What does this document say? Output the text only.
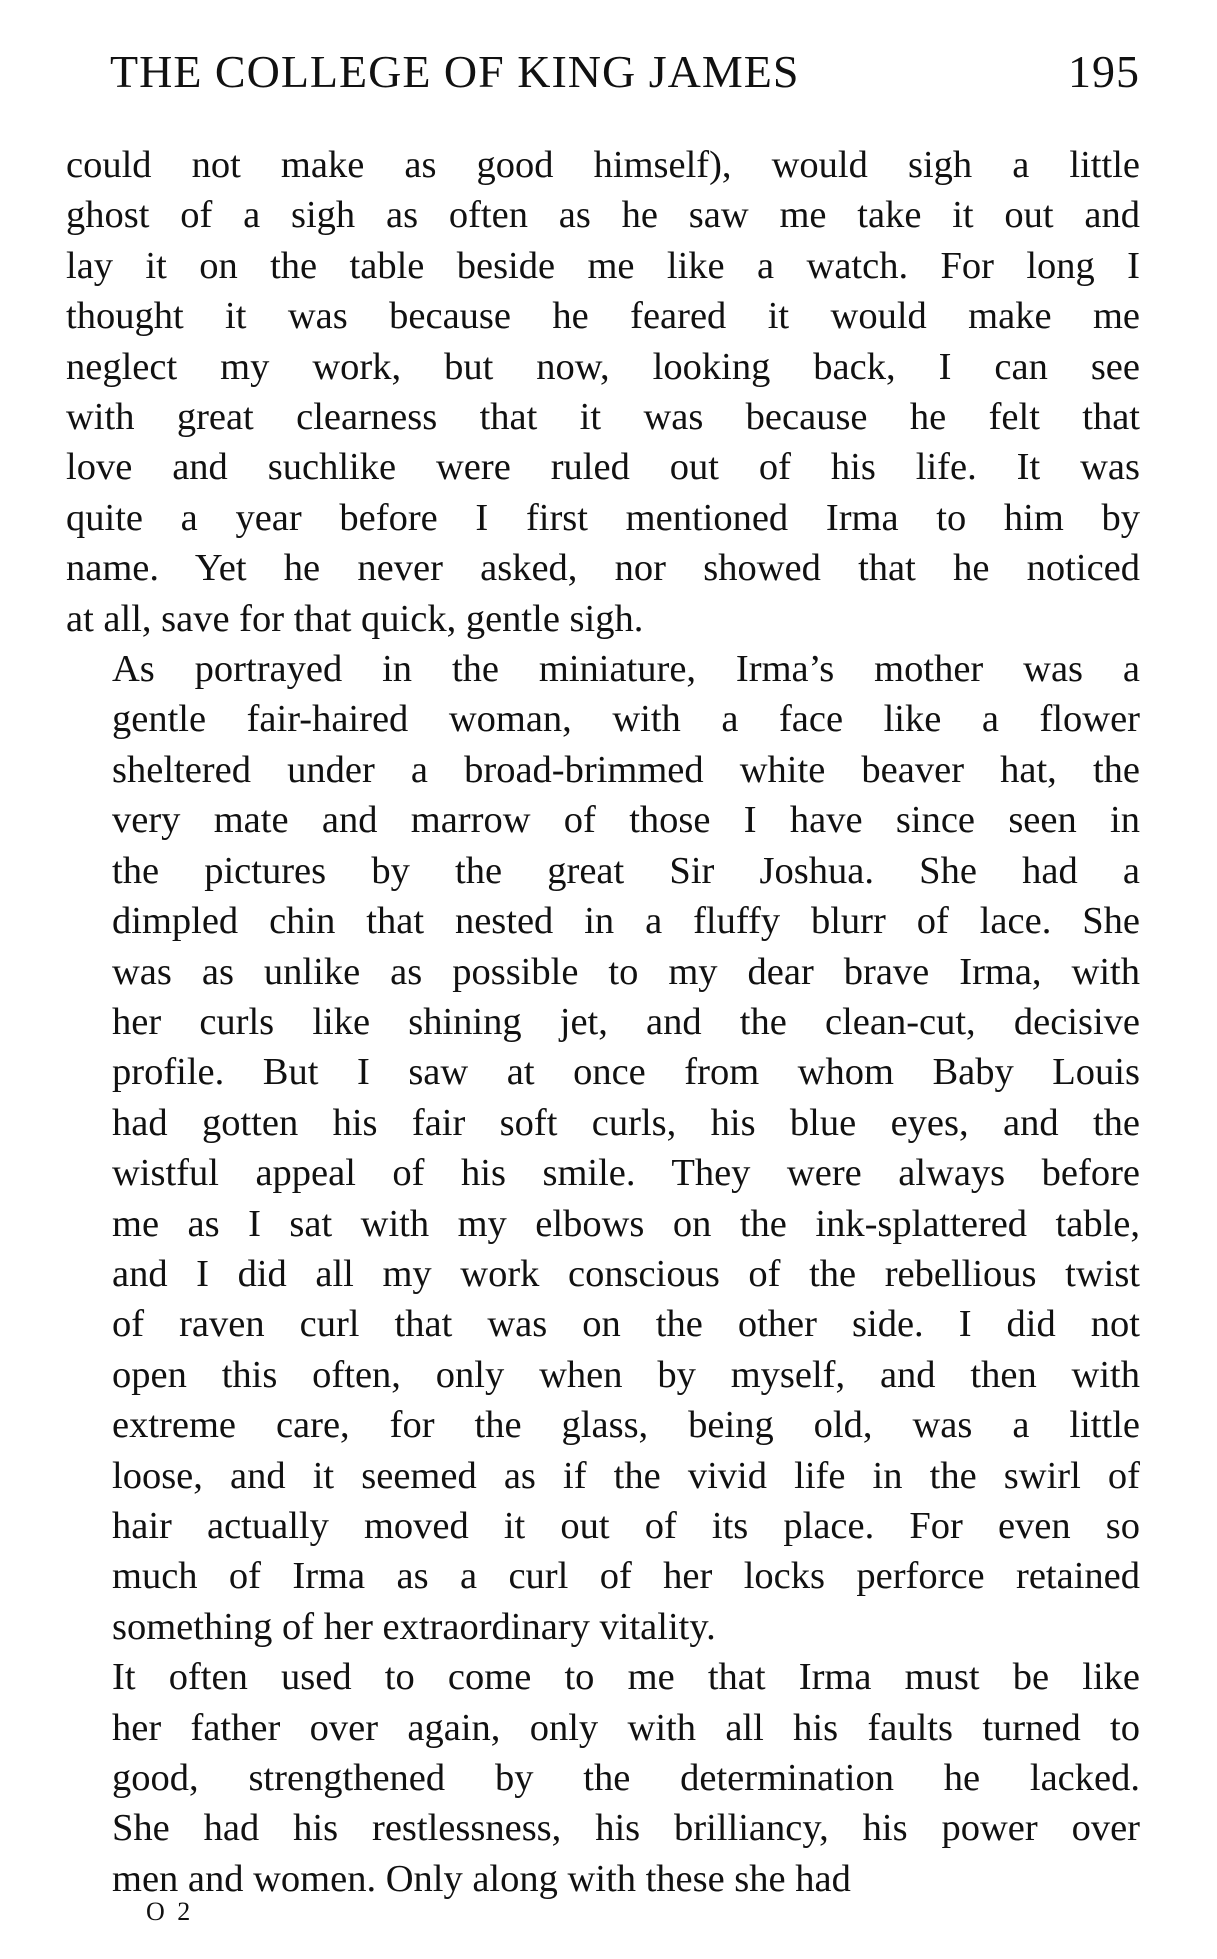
THE COLLEGE OF KING JAMES	195
could not make as good himself), would sigh a little
ghost of a sigh as often as he saw me take it out and
lay it on the table beside me like a watch. For long I
thought it was because he feared it would make me
neglect my work, but now, looking back, I can see
with great clearness that it was because he felt that
love and suchlike were ruled out of his life. It was
quite a year before I first mentioned Irma to him by
name. Yet he never asked, nor showed that he noticed
at all, save for that quick, gentle sigh.
As portrayed in the miniature, Irma’s mother was a
gentle fair-haired woman, with a face like a flower
sheltered under a broad-brimmed white beaver hat, the
very mate and marrow of those I have since seen in
the pictures by the great Sir Joshua. She had a
dimpled chin that nested in a fluffy blurr of lace. She
was as unlike as possible to my dear brave Irma, with
her curls like shining jet, and the clean-cut, decisive
profile. But I saw at once from whom Baby Louis
had gotten his fair soft curls, his blue eyes, and the
wistful appeal of his smile. They were always before
me as I sat with my elbows on the ink-splattered table,
and I did all my work conscious of the rebellious twist
of raven curl that was on the other side. I did not
open this often, only when by myself, and then with
extreme care, for the glass, being old, was a little
loose, and it seemed as if the vivid life in the swirl of
hair actually moved it out of its place. For even so
much of Irma as a curl of her locks perforce retained
something of her extraordinary vitality.
It often used to come to me that Irma must be like
her father over again, only with all his faults turned to
good, strengthened by the determination he lacked.
She had his restlessness, his brilliancy, his power over
men and women. Only along with these she had
O 2
